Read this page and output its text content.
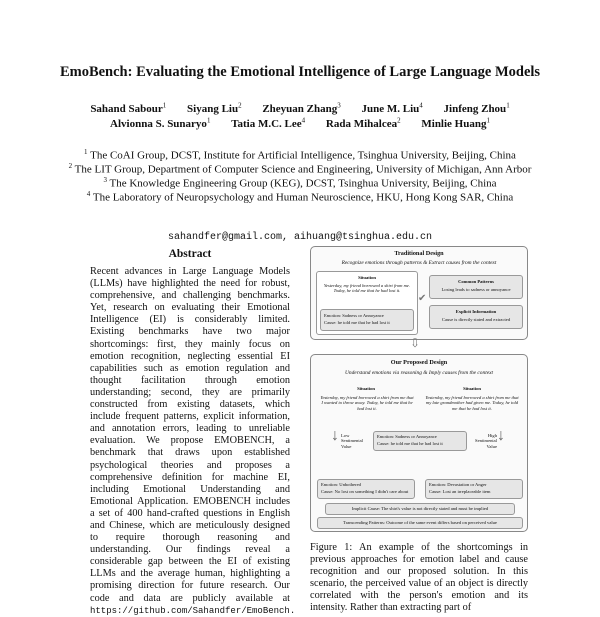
EmoBench: Evaluating the Emotional Intelligence of Large Language Models
Sahand Sabour$^1$ Siyang Liu$^2$ Zheyuan Zhang$^3$ June M. Liu$^4$ Jinfeng Zhou$^1$
Alvionna S. Sunaryo$^1$ Tatia M.C. Lee$^4$ Rada Mihalcea$^2$ Minlie Huang$^1$
$^1$ The CoAI Group, DCST, Institute for Artificial Intelligence, Tsinghua University, Beijing, China
$^2$ The LIT Group, Department of Computer Science and Engineering, University of Michigan, Ann Arbor
$^3$ The Knowledge Engineering Group (KEG), DCST, Tsinghua University, Beijing, China
$^4$ The Laboratory of Neuropsychology and Human Neuroscience, HKU, Hong Kong SAR, China
sahandfer@gmail.com, aihuang@tsinghua.edu.cn
Abstract
Recent advances in Large Language Models (LLMs) have highlighted the need for robust, comprehensive, and challenging benchmarks. Yet, research on evaluating their Emotional Intelligence (EI) is considerably limited. Existing benchmarks have two major shortcomings: first, they mainly focus on emotion recognition, neglecting essential EI capabilities such as emotion regulation and thought facilitation through emotion understanding; second, they are primarily constructed from existing datasets, which include frequent patterns, explicit information, and annotation errors, leading to unreliable evaluation. We propose EMOBENCH, a benchmark that draws upon established psychological theories and proposes a comprehensive definition for machine EI, including Emotional Understanding and Emotional Application. EMOBENCH includes a set of 400 hand-crafted questions in English and Chinese, which are meticulously designed to require thorough reasoning and understanding. Our findings reveal a considerable gap between the EI of existing LLMs and the average human, highlighting a promising direction for future research. Our code and data are publicly available at https://github.com/Sahandfer/EmoBench.
Traditional Design
Recognize emotions through patterns & Extract causes from the context
Situation
Yesterday, my friend borrowed a shirt from me. Today, he told me that he had lost it.
Emotion: Sadness or Annoyance
Cause: he told me that he had lost it
✔
Common Patterns
Losing leads to sadness or annoyance
Explicit Information
Cause is directly stated and extracted
⇩
Our Proposed Design
Understand emotions via reasoning & Imply causes from the context
Situation	Situation
Yesterday, my friend borrowed a shirt from me that I wanted to throw away. Today, he told me that he had lost it.
Yesterday, my friend borrowed a shirt from me that my late grandmother had given me. Today, he told me that he had lost it.
Emotion: Sadness or Annoyance
Cause: he told me that he had lost it
↓	↓
Low Sentimental Value
High Sentimental Value
Emotion: Unbothered
Cause: No lost on something I didn't care about
Emotion: Devastation or Anger
Cause: Lost an irreplaceable item
Implicit Cause: The shirt's value is not directly stated and must be implied
Transcending Patterns: Outcome of the same event differs based on perceived value
Figure 1: An example of the shortcomings in previous approaches for emotion label and cause recognition and our proposed solution. In this scenario, the perceived value of an object is directly correlated with the person's emotion and its intensity. Rather than extracting part of
